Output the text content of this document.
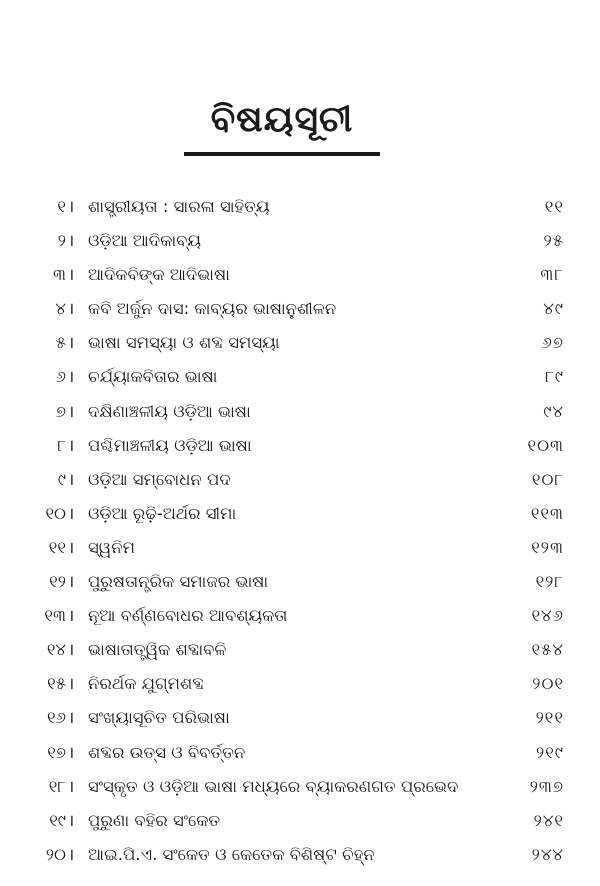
ବିଷୟସୂଚୀ
୧ । ଶାସ୍ତ୍ରୀୟତା : ସାରଳା ସାହିତ୍ୟ	୧୧
୨ । ଓଡ଼ିଆ ଆଦିକାବ୍ୟ	୨୫
୩ । ଆଦିକବିଙ୍କ ଆଦିଭାଷା	୩୮
୪ । କବି ଅର୍ଜୁନ ଦାସ: କାବ୍ୟର ଭାଷାନୁଶୀଳନ	୪୯
୫ । ଭାଷା ସମସ୍ୟା ଓ ଶବ୍ଦ ସମସ୍ୟା	୬୭
୬ । ଚର୍ଯ୍ୟାକବିତାର ଭାଷା	୮୯
୭ । ଦକ୍ଷିଣାଞ୍ଚଳୀୟ ଓଡ଼ିଆ ଭାଷା	୯୪
୮ । ପଶ୍ଚିମାଞ୍ଚଳୀୟ ଓଡ଼ିଆ ଭାଷା	୧୦୩
୯ । ଓଡ଼ିଆ ସମ୍ବୋଧନ ପଦ	୧୦୮
୧୦ । ଓଡ଼ିଆ ରୂଢ଼ି-ଅର୍ଥର ସୀମା	୧୧୩
୧୧ । ସ୍ୱନିମ	୧୨୩
୧୨ । ପୁରୁଷତାନ୍ତ୍ରିକ ସମାଜର ଭାଷା	୧୨୮
୧୩ । ନୂଆ ବର୍ଣ୍ଣବୋଧର ଆବଶ୍ୟକତା	୧୪୬
୧୪ । ଭାଷାତାତ୍ତ୍ୱିକ ଶବ୍ଦାବଳି	୧୫୪
୧୫ । ନିରର୍ଥକ ଯୁଗ୍ମଶବ୍ଦ	୨୦୧
୧୬ । ସଂଖ୍ୟାସୂଚିତ ପରିଭାଷା	୨୧୧
୧୭ । ଶବ୍ଦର ଉତ୍ସ ଓ ବିବର୍ତ୍ତନ	୨୧୯
୧୮ । ସଂସ୍କୃତ ଓ ଓଡ଼ିଆ ଭାଷା ମଧ୍ୟରେ ବ୍ୟାକରଣଗତ ପ୍ରଭେଦ	୨୩୭
୧୯ । ପୁରୁଣା ବହିର ସଂକେତ	୨୪୧
୨୦ । ଆଇ.ପି.ଏ. ସଂକେତ ଓ କେତେକ ବିଶିଷ୍ଟ ଚିହ୍ନ	୨୪୪
